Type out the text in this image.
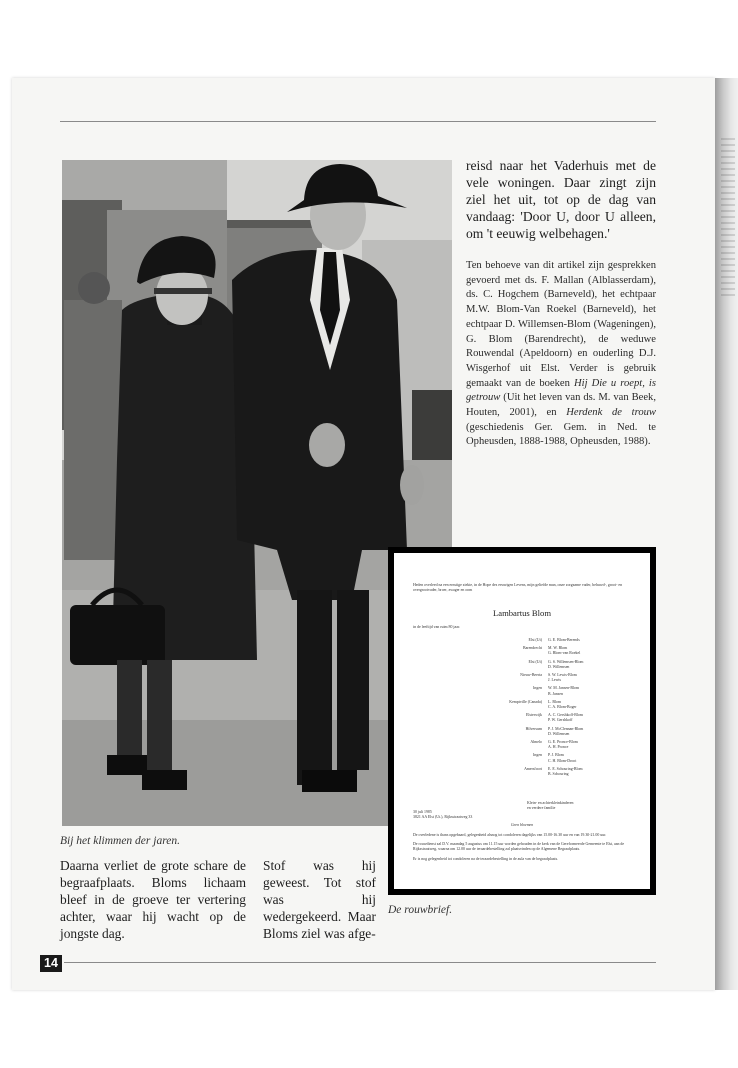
Bij het klimmen der jaren.
Daarna verliet de grote schare de begraafplaats. Bloms lichaam bleef in de groeve ter vertering achter, waar hij wacht op de jongste dag.
Stof was hij geweest. Tot stof was hij wedergekeerd. Maar Bloms ziel was afge-
reisd naar het Vaderhuis met de vele woningen. Daar zingt zijn ziel het uit, tot op de dag van vandaag: 'Door U, door U alleen, om 't eeuwig welbehagen.'
Ten behoeve van dit artikel zijn gesprekken gevoerd met ds. F. Mallan (Alblasserdam), ds. C. Hogchem (Barneveld), het echtpaar M.W. Blom-Van Roekel (Barneveld), het echtpaar D. Willemsen-Blom (Wageningen), G. Blom (Barendrecht), de weduwe Rouwendal (Apeldoorn) en ouderling D.J. Wisgerhof uit Elst. Verder is gebruik gemaakt van de boeken Hij Die u roept, is getrouw (Uit het leven van ds. M. van Beek, Houten, 2001), en Herdenk de trouw (geschiedenis Ger. Gem. in Ned. te Opheusden, 1888-1988, Opheusden, 1988).
Heden overleed na een ernstige ziekte, in de Hope des eeuwigen Levens, mijn geliefde man, onze zorgzame vader, behuwd-, groot- en overgrootvader, broer, zwager en oom
Lambartus Blom
in de leeftijd van ruim 80 jaar.
Elst (Ut)	G. E. Blom-Berends
Barendrecht	M. W. Blom
G. Blom-van Roekel
Elst (Ut)	G. S. Willemsen-Blom
D. Willemsen
Nieuw-Beerta	S. W. Lewis-Blom
J. Lewis
Ingen	W. M. Jansen-Blom
B. Jansen
Kemptville (Canada)	L. Blom
C. A. Blom-Boger
Elsterwijk	A. C. Gershkoff-Blom
P. W. Gershkoff
Hilversum	P. J. McClennan-Blom
D. Willemsen
Almelo	G. E. Pronce-Blom
A. H. Pronce
Ingen	P. J. Blom
C. H. Blom-Droot
Amersfoort	E. E. Schouring-Blom
B. Schouring
Klein- en achterkleinkinderen
en verdere familie
30 juli 1985
3821 AA Elst (Ut.), Rijksstraatweg 33
Geen bloemen

De overledene is thans opgebaard, gelegenheid alsnog tot condoleren dagelijks van 15.00-16.30 uur en van 19.30-21.00 uur.

De rouwdienst zal D.V. maandag 5 augustus om 11.15 uur worden gehouden in de kerk van de Gereformeerde Gemeente te Elst, aan de Rijksstraatweg, waarna om 12.00 uur de teraardebestelling zal plaatsvinden op de Algemene Begraafplaats.

Er is nog gelegenheid tot condoleren na de teraardebestelling in de aula van de begraafplaats.

De rouwbrief.
14
